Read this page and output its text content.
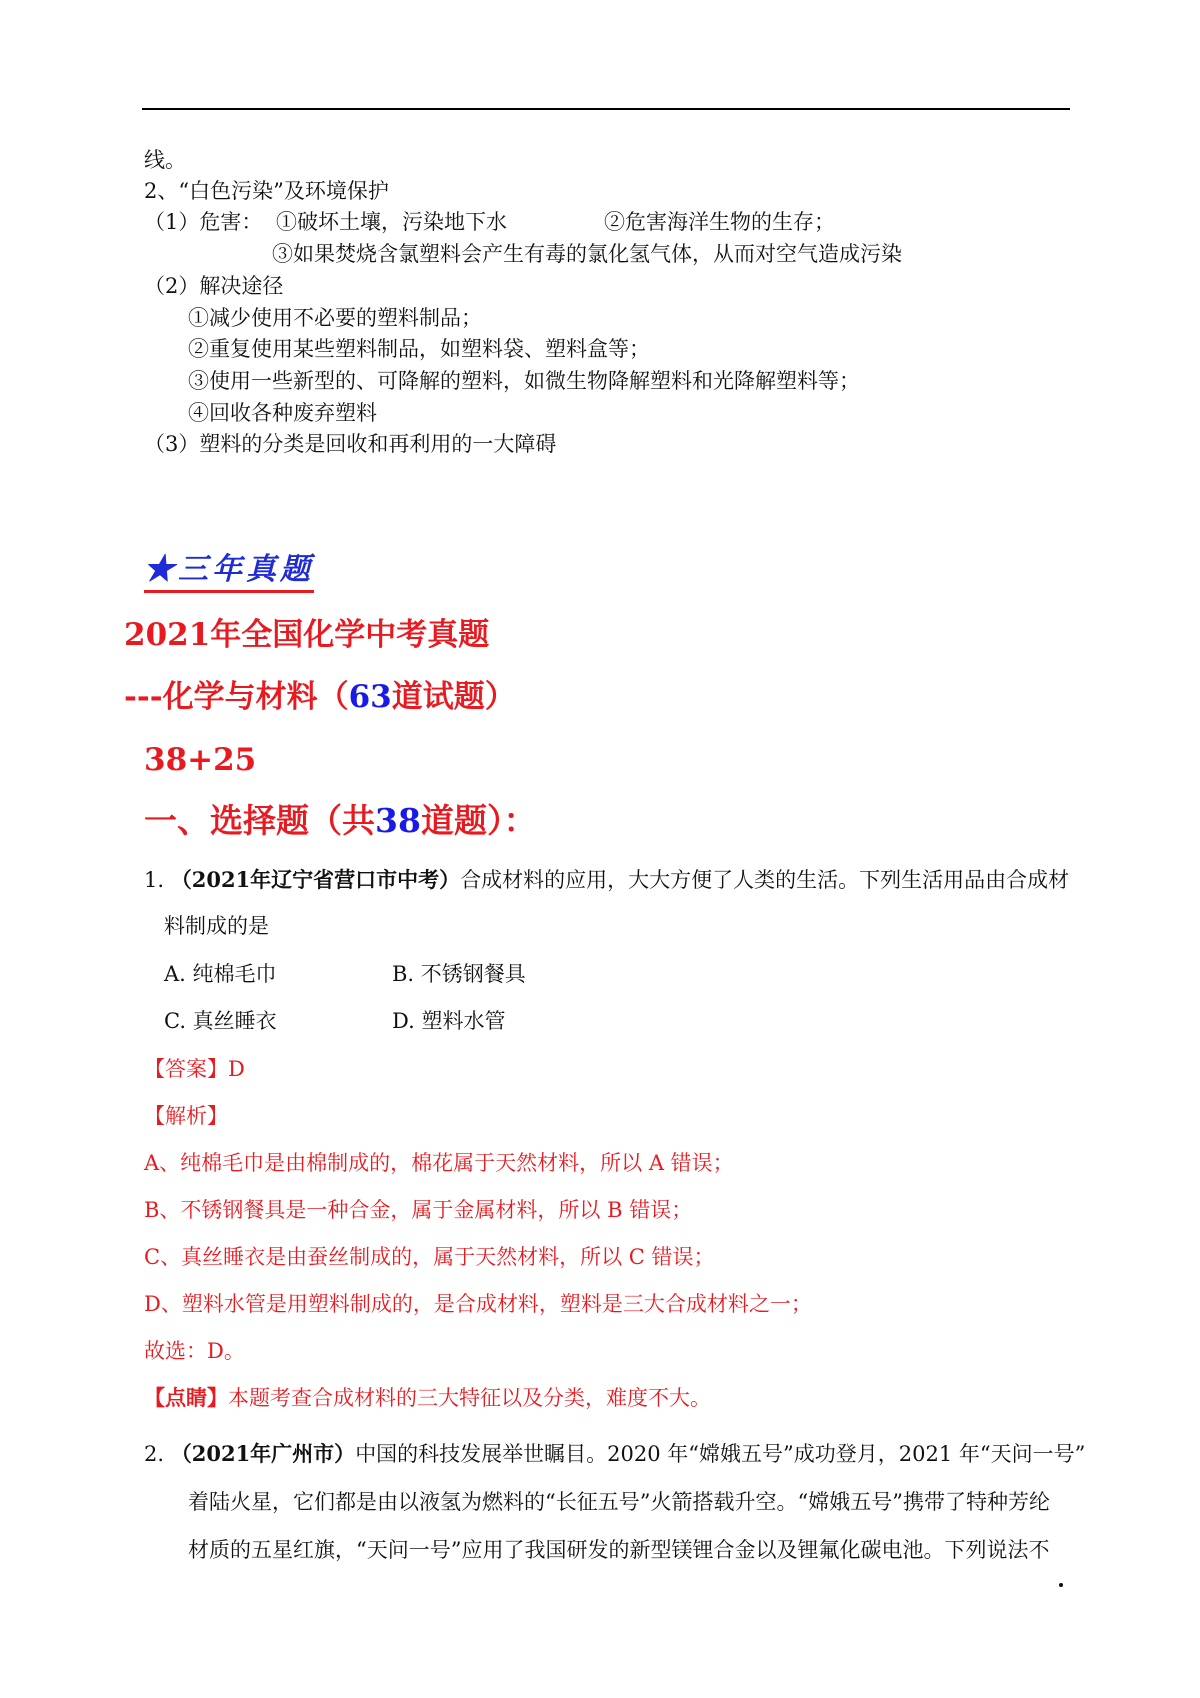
线。
2、“白色污染”及环境保护
（1）危害： ①破坏土壤，污染地下水	②危害海洋生物的生存；
③如果焚烧含氯塑料会产生有毒的氯化氢气体，从而对空气造成污染
（2）解决途径
①减少使用不必要的塑料制品；
②重复使用某些塑料制品，如塑料袋、塑料盒等；
③使用一些新型的、可降解的塑料，如微生物降解塑料和光降解塑料等；
④回收各种废弃塑料
（3）塑料的分类是回收和再利用的一大障碍
★三年真题
2021年全国化学中考真题
---化学与材料（63道试题）
38+25
一、选择题（共38道题）：
1. （2021年辽宁省营口市中考）合成材料的应用，大大方便了人类的生活。下列生活用品由合成材
料制成的是
A. 纯棉毛巾	B. 不锈钢餐具
C. 真丝睡衣	D. 塑料水管
【答案】D
【解析】
A、纯棉毛巾是由棉制成的，棉花属于天然材料，所以 A 错误；
B、不锈钢餐具是一种合金，属于金属材料，所以 B 错误；
C、真丝睡衣是由蚕丝制成的，属于天然材料，所以 C 错误；
D、塑料水管是用塑料制成的，是合成材料，塑料是三大合成材料之一；
故选：D。
【点睛】本题考查合成材料的三大特征以及分类，难度不大。
2. （2021年广州市）中国的科技发展举世瞩目。2020 年“嫦娥五号”成功登月，2021 年“天问一号”
着陆火星，它们都是由以液氢为燃料的“长征五号”火箭搭载升空。“嫦娥五号”携带了特种芳纶
材质的五星红旗，“天问一号”应用了我国研发的新型镁锂合金以及锂氟化碳电池。下列说法不
